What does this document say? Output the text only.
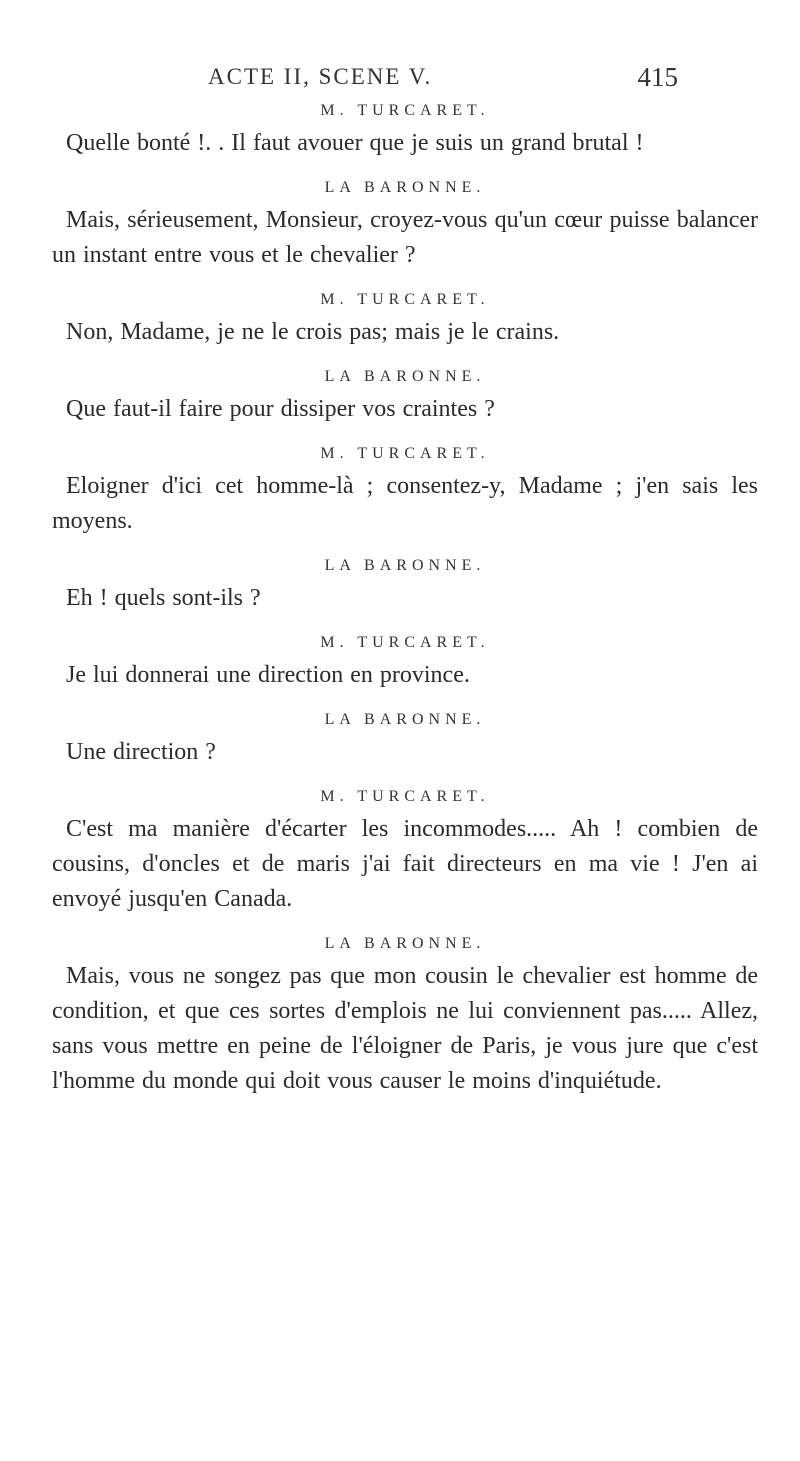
ACTE II, SCENE V.	415
M. TURCARET.

Quelle bonté !. . Il faut avouer que je suis un grand brutal !

LA BARONNE.

Mais, sérieusement, Monsieur, croyez-vous qu'un cœur puisse balancer un instant entre vous et le chevalier ?

M. TURCARET.

Non, Madame, je ne le crois pas; mais je le crains.

LA BARONNE.

Que faut-il faire pour dissiper vos craintes ?

M. TURCARET.

Eloigner d'ici cet homme-là ; consentez-y, Madame ; j'en sais les moyens.

LA BARONNE.

Eh ! quels sont-ils ?

M. TURCARET.

Je lui donnerai une direction en province.

LA BARONNE.

Une direction ?

M. TURCARET.

C'est ma manière d'écarter les incommodes..... Ah ! combien de cousins, d'oncles et de maris j'ai fait directeurs en ma vie ! J'en ai envoyé jusqu'en Canada.

LA BARONNE.

Mais, vous ne songez pas que mon cousin le chevalier est homme de condition, et que ces sortes d'emplois ne lui conviennent pas..... Allez, sans vous mettre en peine de l'éloigner de Paris, je vous jure que c'est l'homme du monde qui doit vous causer le moins d'inquiétude.
